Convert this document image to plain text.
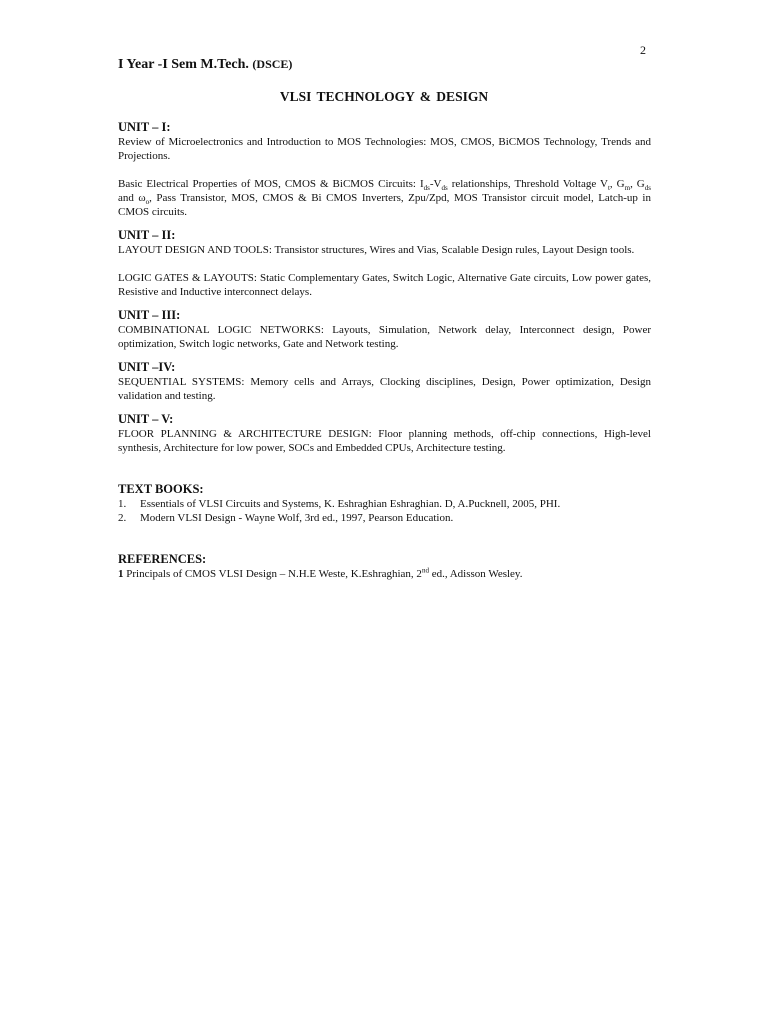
2
I Year -I Sem M.Tech. (DSCE)
VLSI TECHNOLOGY & DESIGN
UNIT – I:

Review of Microelectronics and Introduction to MOS Technologies: MOS, CMOS, BiCMOS Technology, Trends and Projections.

Basic Electrical Properties of MOS, CMOS & BiCMOS Circuits: $I_{ds}-V_{ds}$ relationships, Threshold Voltage $V_t$, $G_m$, $G_{ds}$ and $\omega_o$, Pass Transistor, MOS, CMOS & Bi CMOS Inverters, Zpu/Zpd, MOS Transistor circuit model, Latch-up in CMOS circuits.

UNIT – II:

LAYOUT DESIGN AND TOOLS: Transistor structures, Wires and Vias, Scalable Design rules, Layout Design tools.

LOGIC GATES & LAYOUTS: Static Complementary Gates, Switch Logic, Alternative Gate circuits, Low power gates, Resistive and Inductive interconnect delays.

UNIT – III:

COMBINATIONAL LOGIC NETWORKS: Layouts, Simulation, Network delay, Interconnect design, Power optimization, Switch logic networks, Gate and Network testing.

UNIT –IV:

SEQUENTIAL SYSTEMS: Memory cells and Arrays, Clocking disciplines, Design, Power optimization, Design validation and testing.

UNIT – V:

FLOOR PLANNING & ARCHITECTURE DESIGN: Floor planning methods, off-chip connections, High-level synthesis, Architecture for low power, SOCs and Embedded CPUs, Architecture testing.

TEXT BOOKS:
1.	Essentials of VLSI Circuits and Systems, K. Eshraghian Eshraghian. D, A.Pucknell, 2005, PHI.
2.	Modern VLSI Design - Wayne Wolf, 3rd ed., 1997, Pearson Education.
REFERENCES:

1 Principals of CMOS VLSI Design – N.H.E Weste, K.Eshraghian, 2nd ed., Adisson Wesley.
